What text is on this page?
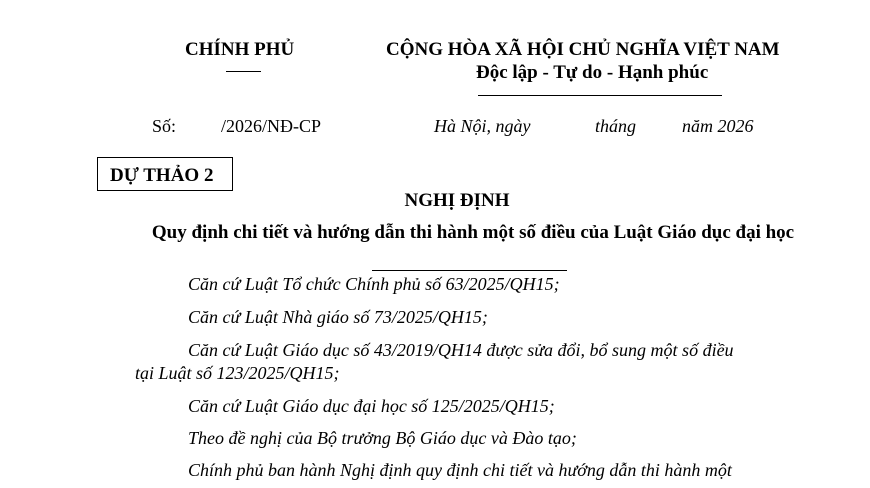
CHÍNH PHỦ	CỘNG HÒA XÃ HỘI CHỦ NGHĨA VIỆT NAM
Độc lập - Tự do - Hạnh phúc
Số: /2026/NĐ-CP	Hà Nội, ngày	tháng	năm 2026
DỰ THẢO 2
NGHỊ ĐỊNH
Quy định chi tiết và hướng dẫn thi hành một số điều của Luật Giáo dục đại học
Căn cứ Luật Tổ chức Chính phủ số 63/2025/QH15;
Căn cứ Luật Nhà giáo số 73/2025/QH15;
Căn cứ Luật Giáo dục số 43/2019/QH14 được sửa đổi, bổ sung một số điều
tại Luật số 123/2025/QH15;
Căn cứ Luật Giáo dục đại học số 125/2025/QH15;
Theo đề nghị của Bộ trưởng Bộ Giáo dục và Đào tạo;
Chính phủ ban hành Nghị định quy định chi tiết và hướng dẫn thi hành một
